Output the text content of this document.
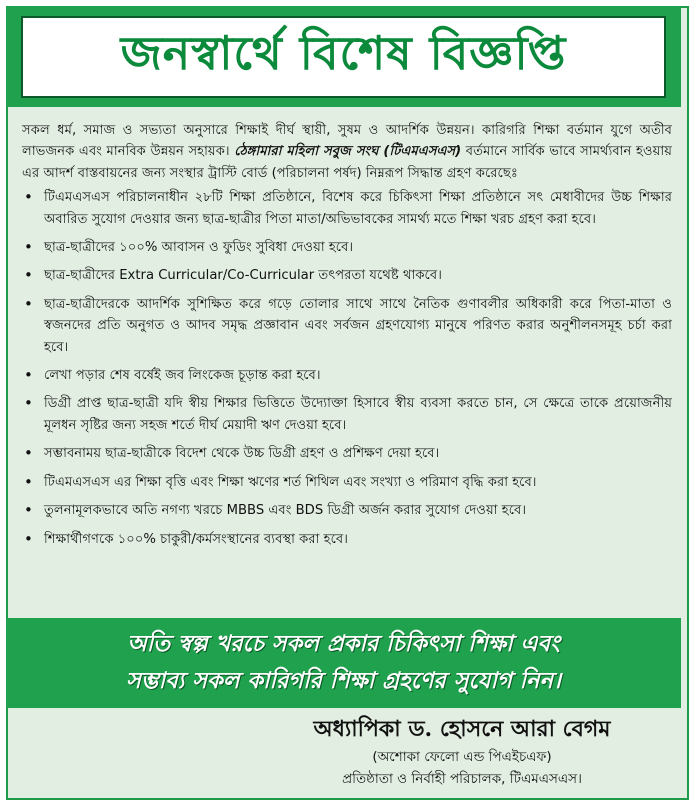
জনস্বার্থে বিশেষ বিজ্ঞপ্তি

সকল ধর্ম, সমাজ ও সভ্যতা অনুসারে শিক্ষাই দীর্ঘ স্থায়ী, সুষম ও আদর্শিক উন্নয়ন। কারিগরি শিক্ষা বর্তমান যুগে অতীব লাভজনক এবং মানবিক উন্নয়ন সহায়ক। ঠেঙ্গামারা মহিলা সবুজ সংঘ (টিএমএসএস) বর্তমানে সার্বিক ভাবে সামর্থ্যবান হওয়ায় এর আদর্শ বাস্তবায়নের জন্য সংস্থার ট্রাস্টি বোর্ড (পরিচালনা পর্ষদ) নিম্নরূপ সিদ্ধান্ত গ্রহণ করেছেঃ

• টিএমএসএস পরিচালনাধীন ২৮টি শিক্ষা প্রতিষ্ঠানে, বিশেষ করে চিকিৎসা শিক্ষা প্রতিষ্ঠানে সৎ মেধাবীদের উচ্চ শিক্ষার অবারিত সুযোগ দেওয়ার জন্য ছাত্র-ছাত্রীর পিতা মাতা/অভিভাবকের সামর্থ্য মতে শিক্ষা খরচ গ্রহণ করা হবে।
• ছাত্র-ছাত্রীদের ১০০% আবাসন ও ফুডিং সুবিধা দেওয়া হবে।
• ছাত্র-ছাত্রীদের Extra Curricular/Co-Curricular তৎপরতা যথেষ্ট থাকবে।
• ছাত্র-ছাত্রীদেরকে আদর্শিক সুশিক্ষিত করে গড়ে তোলার সাথে সাথে নৈতিক গুণাবলীর অধিকারী করে পিতা-মাতা ও স্বজনদের প্রতি অনুগত ও আদব সমৃদ্ধ প্রজ্ঞাবান এবং সর্বজন গ্রহণযোগ্য মানুষে পরিণত করার অনুশীলনসমূহ চর্চা করা হবে।
• লেখা পড়ার শেষ বর্ষেই জব লিংকেজ চূড়ান্ত করা হবে।
• ডিগ্রী প্রাপ্ত ছাত্র-ছাত্রী যদি স্বীয় শিক্ষার ভিত্তিতে উদ্যোক্তা হিসাবে স্বীয় ব্যবসা করতে চান, সে ক্ষেত্রে তাকে প্রয়োজনীয় মূলধন সৃষ্টির জন্য সহজ শর্তে দীর্ঘ মেয়াদী ঋণ দেওয়া হবে।
• সম্ভাবনাময় ছাত্র-ছাত্রীকে বিদেশ থেকে উচ্চ ডিগ্রী গ্রহণ ও প্রশিক্ষণ দেয়া হবে।
• টিএমএসএস এর শিক্ষা বৃত্তি এবং শিক্ষা ঋণের শর্ত শিথিল এবং সংখ্যা ও পরিমাণ বৃদ্ধি করা হবে।
• তুলনামূলকভাবে অতি নগণ্য খরচে MBBS এবং BDS ডিগ্রী অর্জন করার সুযোগ দেওয়া হবে।
• শিক্ষার্থীগণকে ১০০% চাকুরী/কর্মসংস্থানের ব্যবস্থা করা হবে।
অতি স্বল্প খরচে সকল প্রকার চিকিৎসা শিক্ষা এবং
সম্ভাব্য সকল কারিগরি শিক্ষা গ্রহণের সুযোগ নিন।
অধ্যাপিকা ড. হোসনে আরা বেগম
(অশোকা ফেলো এন্ড পিএইচএফ)
প্রতিষ্ঠাতা ও নির্বাহী পরিচালক, টিএমএসএস।
